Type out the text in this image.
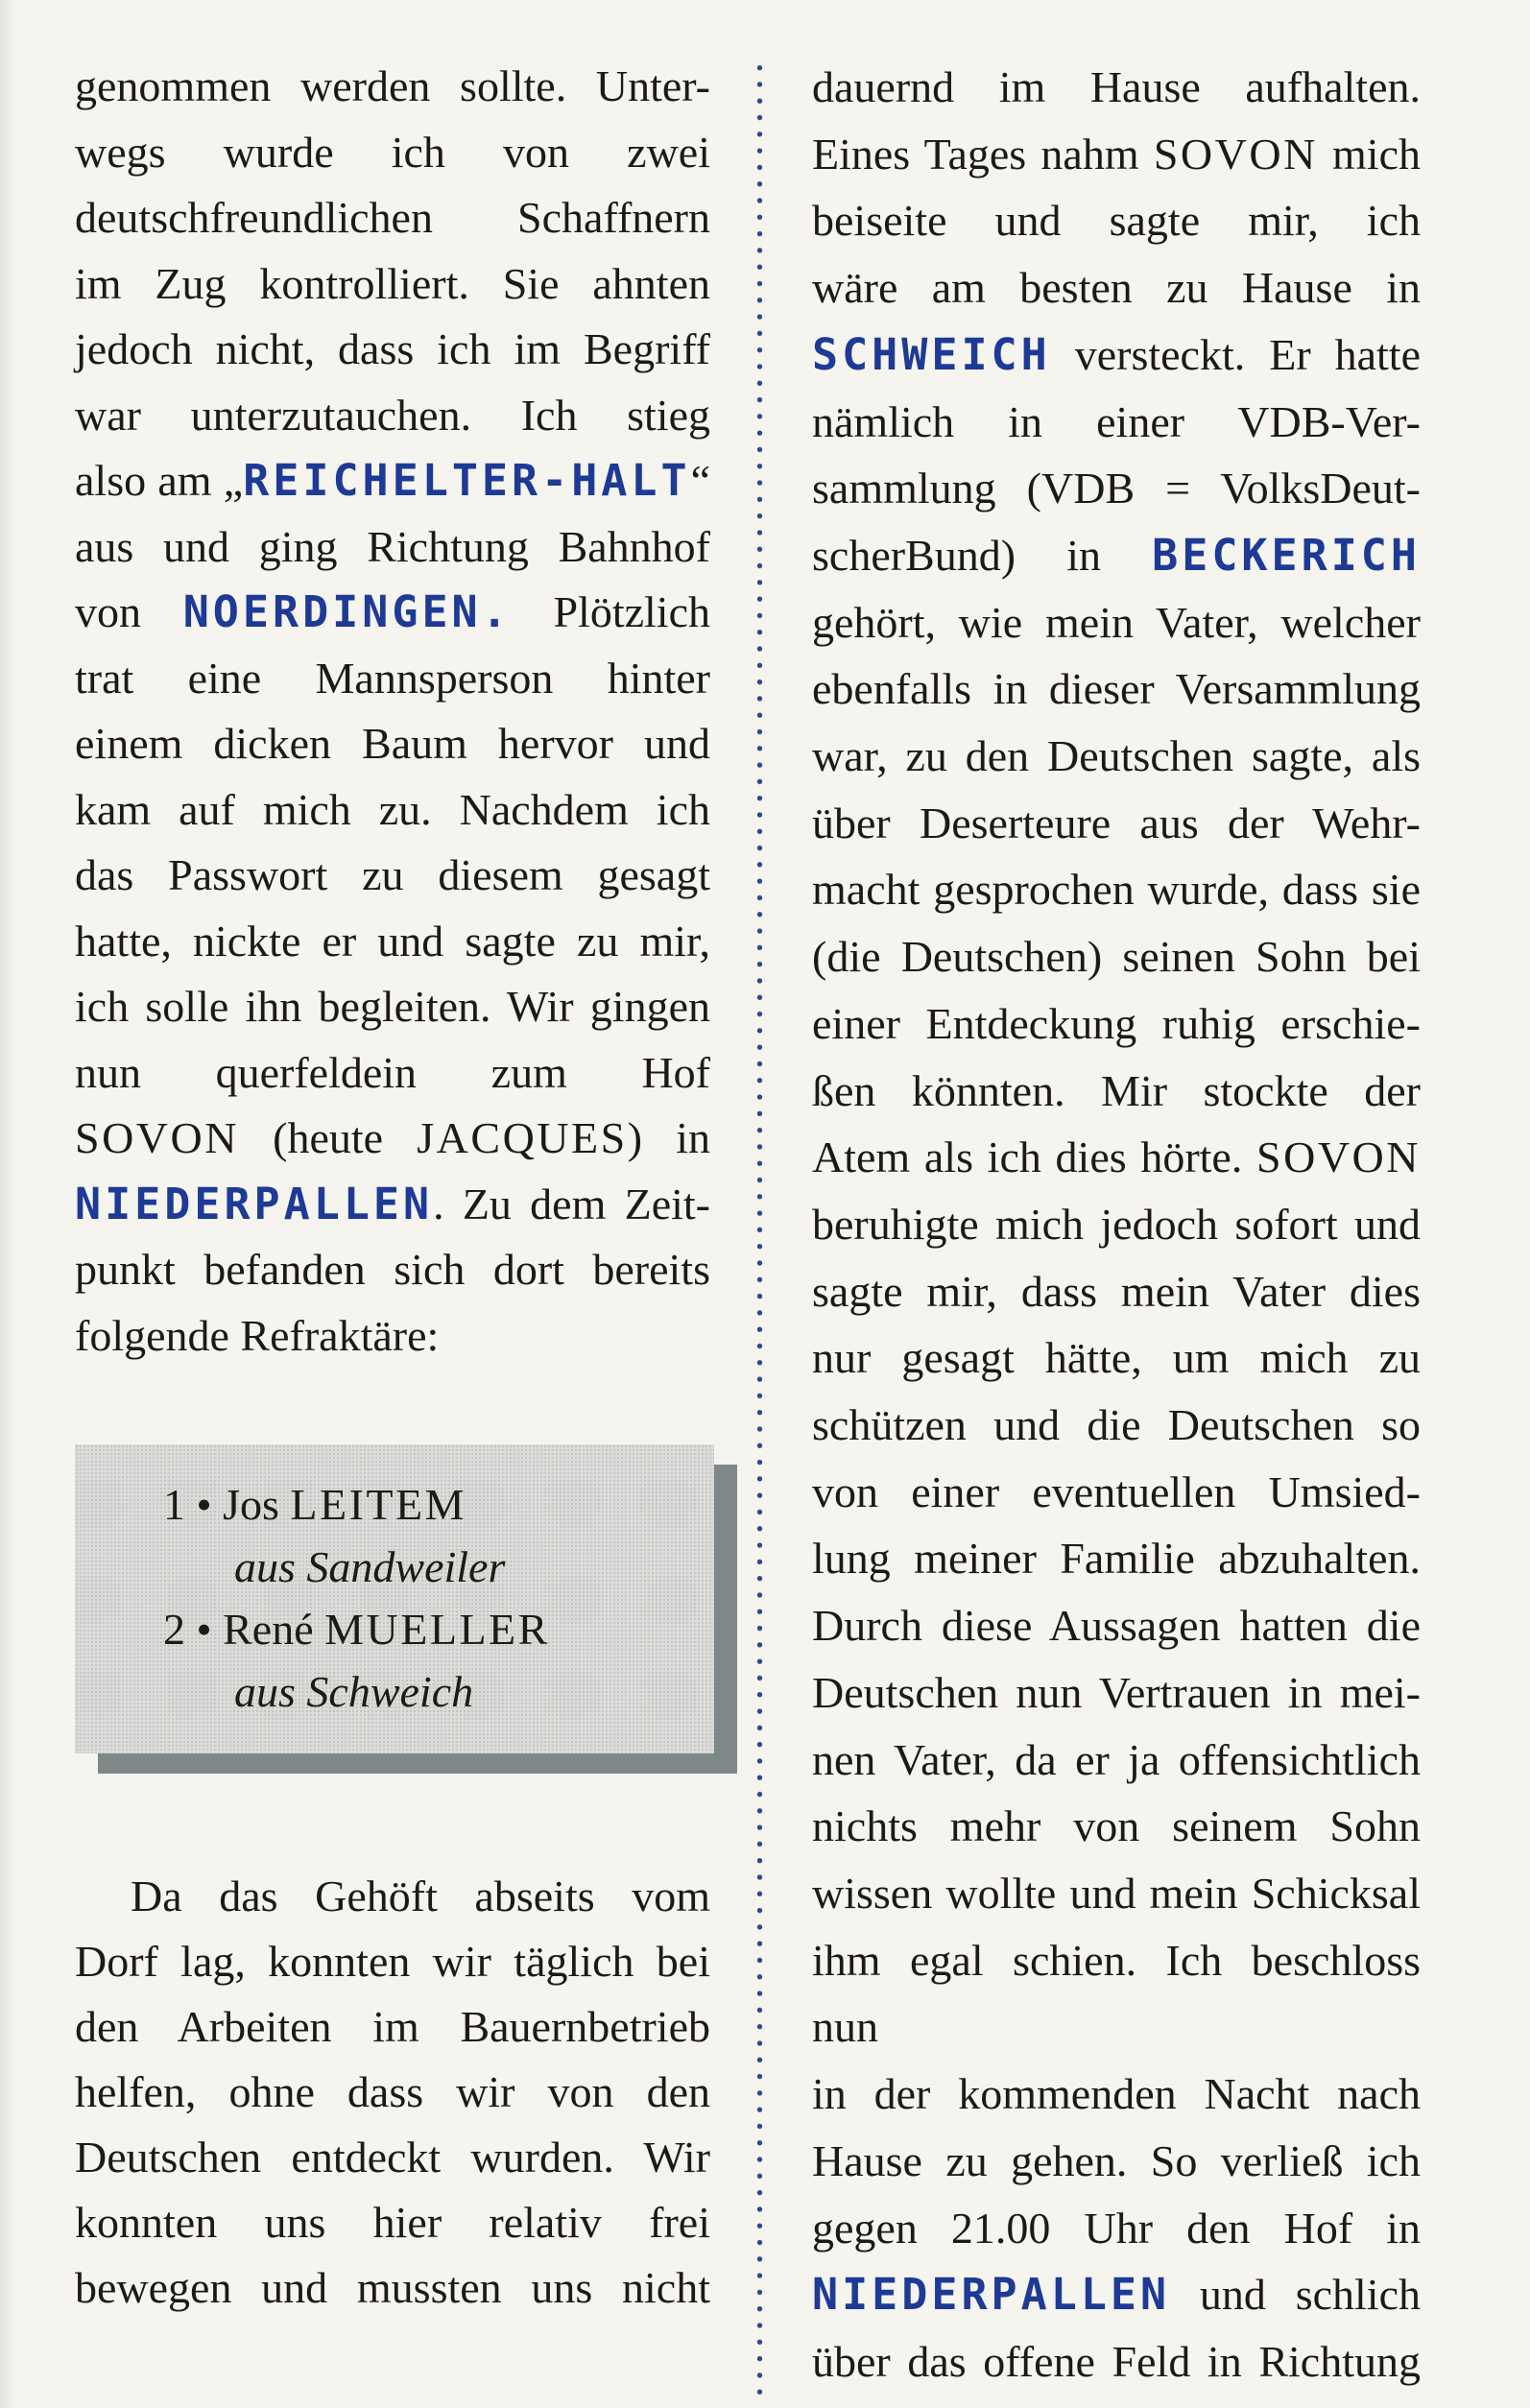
genommen werden sollte. Unter-
wegs wurde ich von zwei
deutschfreundlichen Schaffnern
im Zug kontrolliert. Sie ahnten
jedoch nicht, dass ich im Begriff
war unterzutauchen. Ich stieg
also am „REICHELTER-HALT“
aus und ging Richtung Bahnhof
von NOERDINGEN. Plötzlich
trat eine Mannsperson hinter
einem dicken Baum hervor und
kam auf mich zu. Nachdem ich
das Passwort zu diesem gesagt
hatte, nickte er und sagte zu mir,
ich solle ihn begleiten. Wir gingen
nun querfeldein zum Hof
SOVON (heute JACQUES) in
NIEDERPALLEN. Zu dem Zeit-
punkt befanden sich dort bereits
folgende Refraktäre:
1 • Jos LEITEM
aus Sandweiler
2 • René MUELLER
aus Schweich
Da das Gehöft abseits vom
Dorf lag, konnten wir täglich bei
den Arbeiten im Bauernbetrieb
helfen, ohne dass wir von den
Deutschen entdeckt wurden. Wir
konnten uns hier relativ frei
bewegen und mussten uns nicht
dauernd im Hause aufhalten.
Eines Tages nahm SOVON mich
beiseite und sagte mir, ich
wäre am besten zu Hause in
SCHWEICH versteckt. Er hatte
nämlich in einer VDB-Ver-
sammlung (VDB = VolksDeut-
scherBund) in BECKERICH
gehört, wie mein Vater, welcher
ebenfalls in dieser Versammlung
war, zu den Deutschen sagte, als
über Deserteure aus der Wehr-
macht gesprochen wurde, dass sie
(die Deutschen) seinen Sohn bei
einer Entdeckung ruhig erschie-
ßen könnten. Mir stockte der
Atem als ich dies hörte. SOVON
beruhigte mich jedoch sofort und
sagte mir, dass mein Vater dies
nur gesagt hätte, um mich zu
schützen und die Deutschen so
von einer eventuellen Umsied-
lung meiner Familie abzuhalten.
Durch diese Aussagen hatten die
Deutschen nun Vertrauen in mei-
nen Vater, da er ja offensichtlich
nichts mehr von seinem Sohn
wissen wollte und mein Schicksal
ihm egal schien. Ich beschloss nun
in der kommenden Nacht nach
Hause zu gehen. So verließ ich
gegen 21.00 Uhr den Hof in
NIEDERPALLEN und schlich
über das offene Feld in Richtung
